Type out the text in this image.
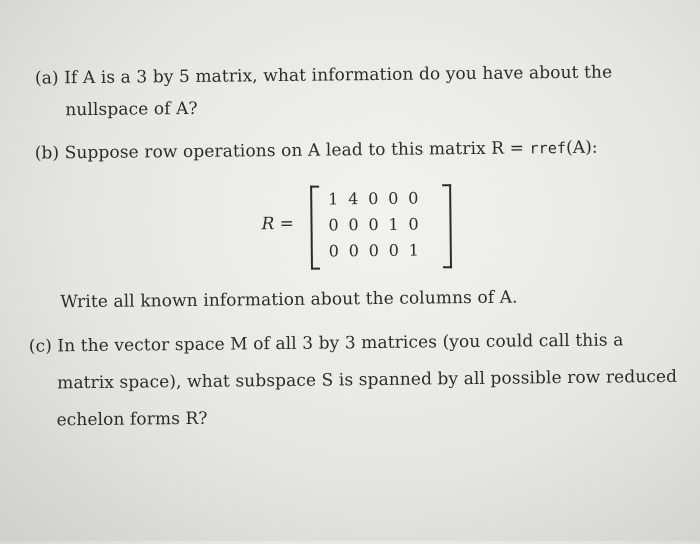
(a) If A is a 3 by 5 matrix, what information do you have about the
nullspace of A?
(b) Suppose row operations on A lead to this matrix R = rref(A):
R =
1 4 0 0 0
0 0 0 1 0
0 0 0 0 1
Write all known information about the columns of A.
(c) In the vector space M of all 3 by 3 matrices (you could call this a
matrix space), what subspace S is spanned by all possible row reduced
echelon forms R?
